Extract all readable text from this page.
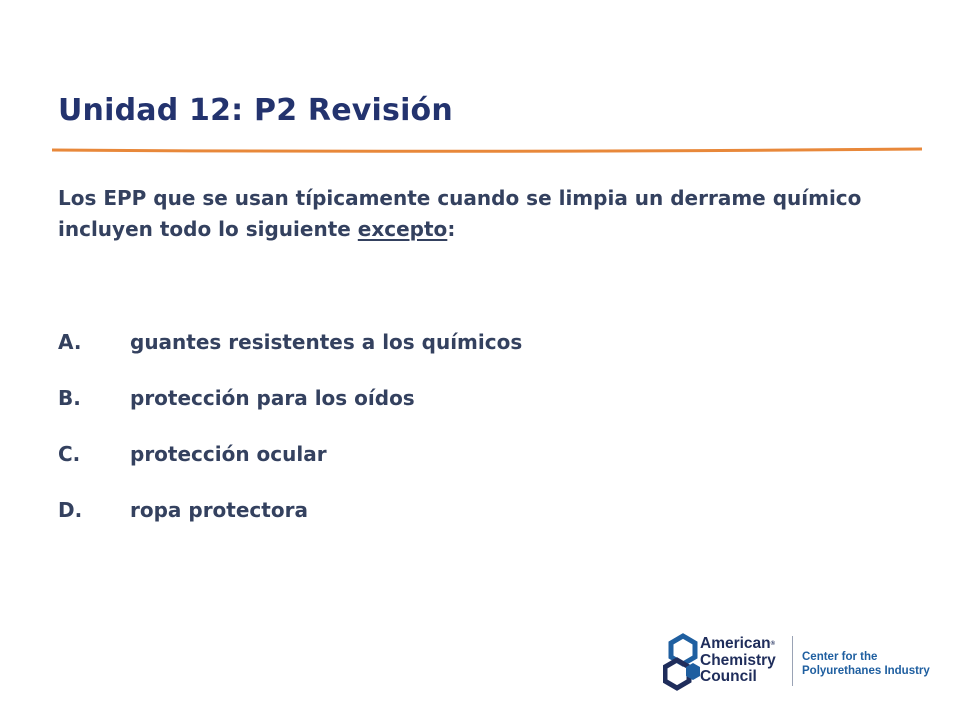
Unidad 12: P2 Revisión

Los EPP que se usan típicamente cuando se limpia un derrame químico incluyen todo lo siguiente excepto:

A. guantes resistentes a los químicos
B. protección para los oídos
C. protección ocular
D. ropa protectora
American®
Chemistry
Council
Center for the
Polyurethanes Industry
